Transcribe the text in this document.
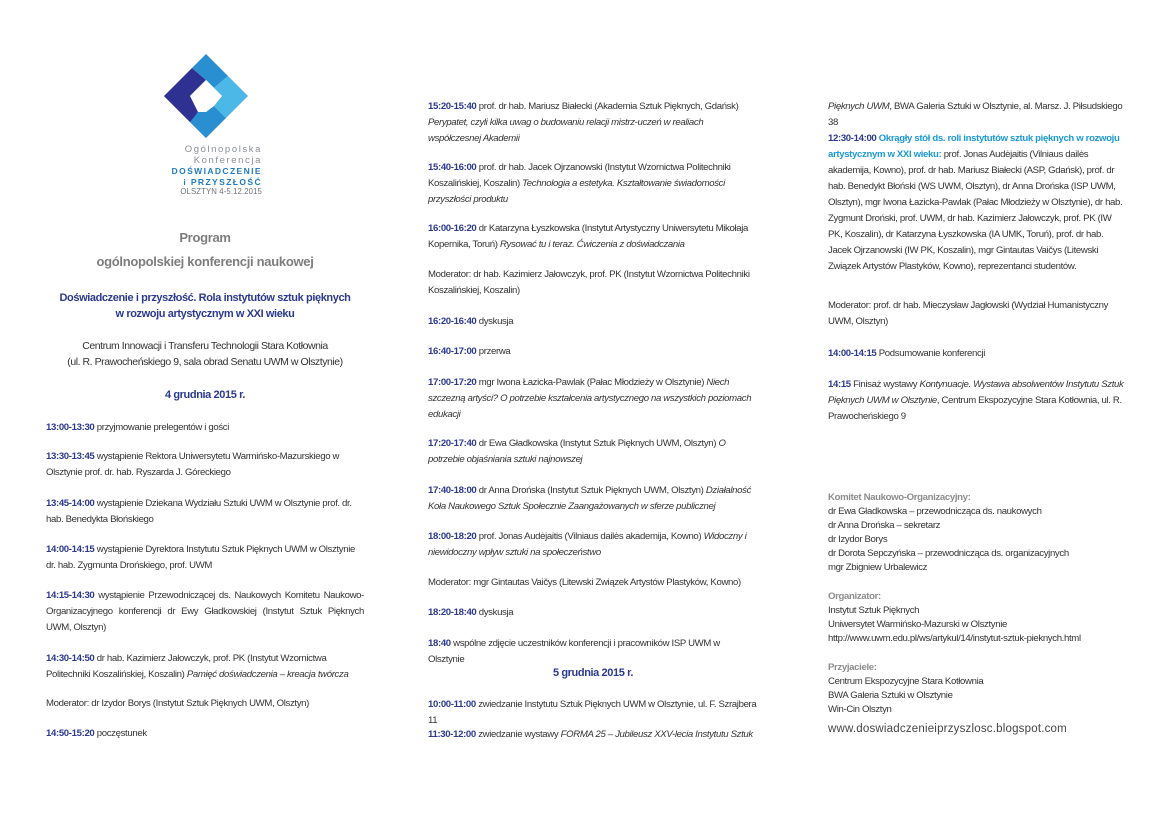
Ogólnopolska
Konferencja
DOŚWIADCZENIE
i PRZYSZŁOŚĆ
OLSZTYN 4-5.12.2015
Program
ogólnopolskiej konferencji naukowej
Doświadczenie i przyszłość. Rola instytutów sztuk pięknych
w rozwoju artystycznym w XXI wieku
Centrum Innowacji i Transferu Technologii Stara Kotłownia
(ul. R. Prawocheńskiego 9, sala obrad Senatu UWM w Olsztynie)
4 grudnia 2015 r.
13:00-13:30 przyjmowanie prelegentów i gości
13:30-13:45 wystąpienie Rektora Uniwersytetu Warmińsko-Mazurskiego w Olsztynie prof. dr. hab. Ryszarda J. Góreckiego
13:45-14:00 wystąpienie Dziekana Wydziału Sztuki UWM w Olsztynie prof. dr. hab. Benedykta Błońskiego
14:00-14:15 wystąpienie Dyrektora Instytutu Sztuk Pięknych UWM w Olsztynie dr. hab. Zygmunta Drońskiego, prof. UWM
14:15-14:30 wystąpienie Przewodniczącej ds. Naukowych Komitetu Naukowo-Organizacyjnego konferencji dr Ewy Gładkowskiej (Instytut Sztuk Pięknych UWM, Olsztyn)
14:30-14:50 dr hab. Kazimierz Jałowczyk, prof. PK (Instytut Wzornictwa Politechniki Koszalińskiej, Koszalin) Pamięć doświadczenia – kreacja twórcza
Moderator: dr Izydor Borys (Instytut Sztuk Pięknych UWM, Olsztyn)
14:50-15:20 poczęstunek
15:20-15:40 prof. dr hab. Mariusz Białecki (Akademia Sztuk Pięknych, Gdańsk) Perypatet, czyli kilka uwag o budowaniu relacji mistrz-uczeń w realiach współczesnej Akademii
15:40-16:00 prof. dr hab. Jacek Ojrzanowski (Instytut Wzornictwa Politechniki Koszalińskiej, Koszalin) Technologia a estetyka. Kształtowanie świadomości przyszłości produktu
16:00-16:20 dr Katarzyna Łyszkowska (Instytut Artystyczny Uniwersytetu Mikołaja Kopernika, Toruń) Rysować tu i teraz. Ćwiczenia z doświadczania
Moderator: dr hab. Kazimierz Jałowczyk, prof. PK (Instytut Wzornictwa Politechniki Koszalińskiej, Koszalin)
16:20-16:40 dyskusja
16:40-17:00 przerwa
17:00-17:20 mgr Iwona Łazicka-Pawlak (Pałac Młodzieży w Olsztynie) Niech szczezną artyści? O potrzebie kształcenia artystycznego na wszystkich poziomach edukacji
17:20-17:40 dr Ewa Gładkowska (Instytut Sztuk Pięknych UWM, Olsztyn) O potrzebie objaśniania sztuki najnowszej
17:40-18:00 dr Anna Drońska (Instytut Sztuk Pięknych UWM, Olsztyn) Działalność Koła Naukowego Sztuk Społecznie Zaangażowanych w sferze publicznej
18:00-18:20 prof. Jonas Audėjaitis (Vilniaus dailės akademija, Kowno) Widoczny i niewidoczny wpływ sztuki na społeczeństwo
Moderator: mgr Gintautas Vaičys (Litewski Związek Artystów Plastyków, Kowno)
18:20-18:40 dyskusja
18:40 wspólne zdjęcie uczestników konferencji i pracowników ISP UWM w Olsztynie
5 grudnia 2015 r.
10:00-11:00 zwiedzanie Instytutu Sztuk Pięknych UWM w Olsztynie, ul. F. Szrajbera 11
11:30-12:00 zwiedzanie wystawy FORMA 25 – Jubileusz XXV-lecia Instytutu Sztuk
Pięknych UWM, BWA Galeria Sztuki w Olsztynie, al. Marsz. J. Piłsudskiego 38
12:30-14:00 Okrągły stół ds. roli instytutów sztuk pięknych w rozwoju artystycznym w XXI wieku: prof. Jonas Audėjaitis (Vilniaus dailės akademija, Kowno), prof. dr hab. Mariusz Białecki (ASP, Gdańsk), prof. dr hab. Benedykt Błoński (WS UWM, Olsztyn), dr Anna Drońska (ISP UWM, Olsztyn), mgr Iwona Łazicka-Pawlak (Pałac Młodzieży w Olsztynie), dr hab. Zygmunt Droński, prof. UWM, dr hab. Kazimierz Jałowczyk, prof. PK (IW PK, Koszalin), dr Katarzyna Łyszkowska (IA UMK, Toruń), prof. dr hab. Jacek Ojrzanowski (IW PK, Koszalin), mgr Gintautas Vaičys (Litewski Związek Artystów Plastyków, Kowno), reprezentanci studentów.
Moderator: prof. dr hab. Mieczysław Jagłowski (Wydział Humanistyczny UWM, Olsztyn)
14:00-14:15 Podsumowanie konferencji
14:15 Finisaż wystawy Kontynuacje. Wystawa absolwentów Instytutu Sztuk Pięknych UWM w Olsztynie, Centrum Ekspozycyjne Stara Kotłownia, ul. R. Prawocheńskiego 9
Komitet Naukowo-Organizacyjny:
dr Ewa Gładkowska – przewodnicząca ds. naukowych
dr Anna Drońska – sekretarz
dr Izydor Borys
dr Dorota Sepczyńska – przewodnicząca ds. organizacyjnych
mgr Zbigniew Urbalewicz
Organizator:
Instytut Sztuk Pięknych
Uniwersytet Warmińsko-Mazurski w Olsztynie
http://www.uwm.edu.pl/ws/artykul/14/instytut-sztuk-pieknych.html
Przyjaciele:
Centrum Ekspozycyjne Stara Kotłownia
BWA Galeria Sztuki w Olsztynie
Win-Cin Olsztyn
www.doswiadczenieiprzyszlosc.blogspot.com
